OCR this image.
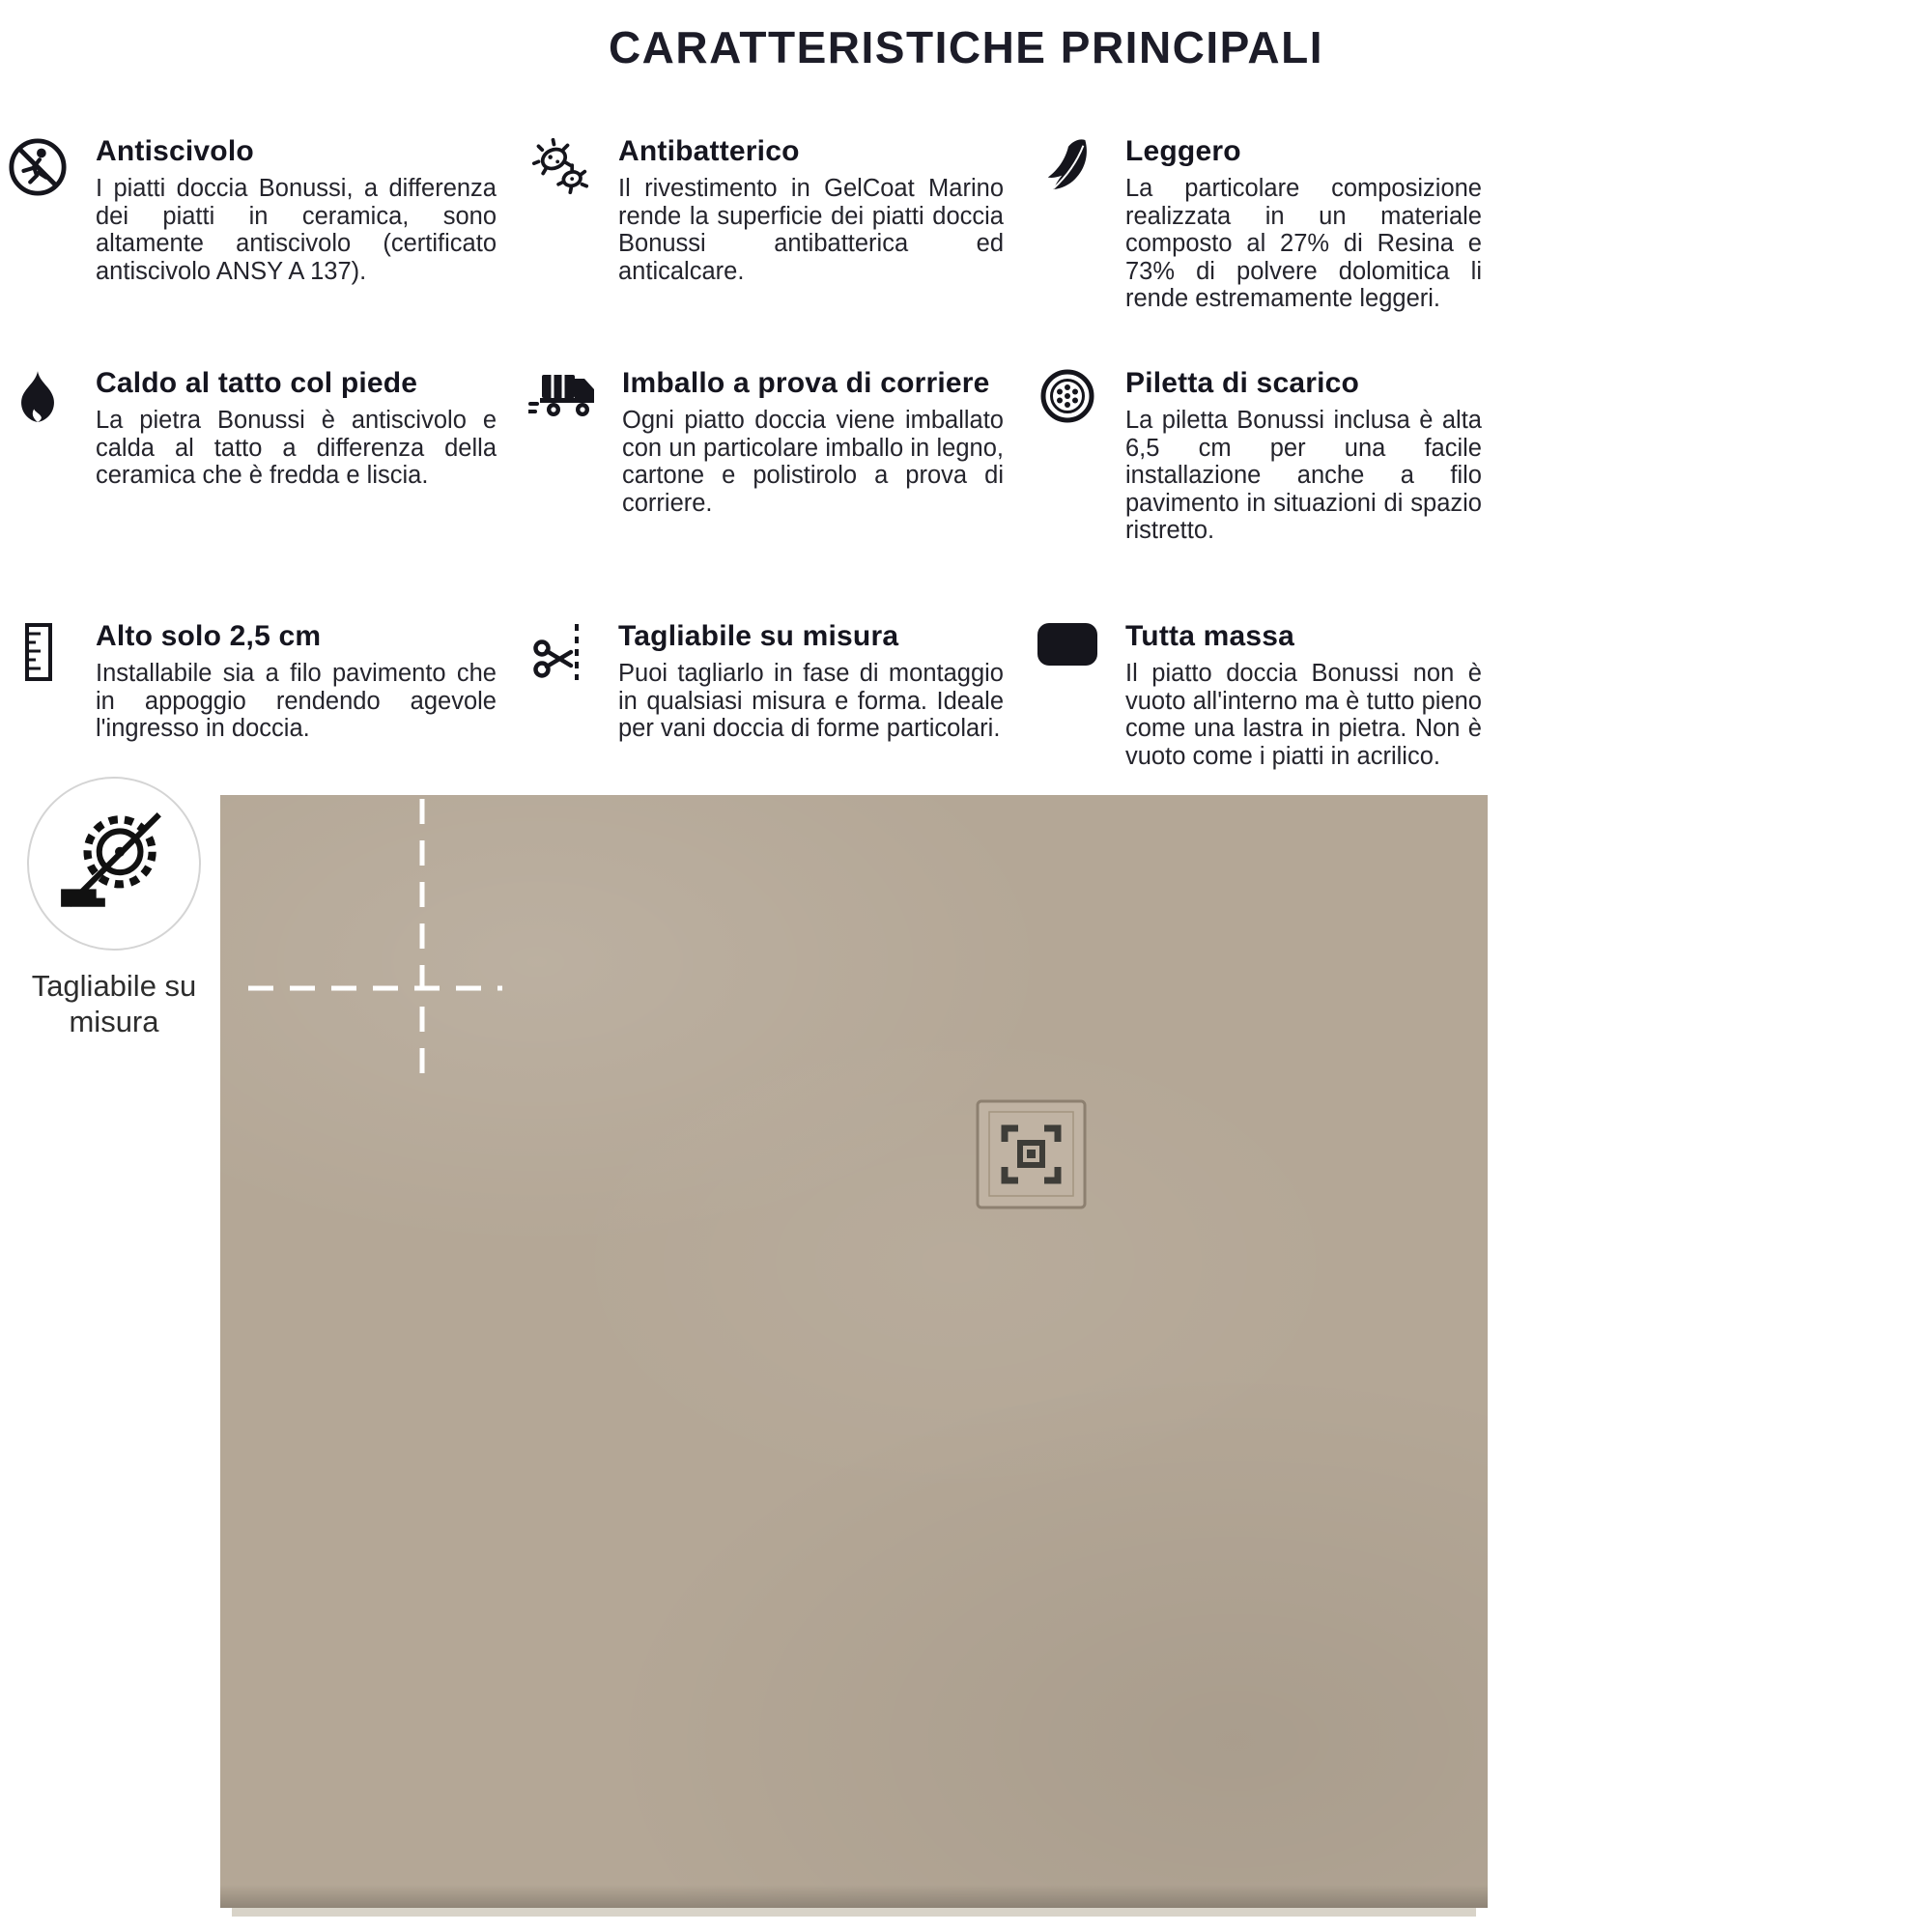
CARATTERISTICHE PRINCIPALI
Antiscivolo
I piatti doccia Bonussi, a differenza dei piatti in ceramica, sono altamente antiscivolo (certificato antiscivolo ANSY A 137).
Antibatterico
Il rivestimento in GelCoat Marino rende la superficie dei piatti doccia Bonussi antibatterica ed anticalcare.
Leggero
La particolare composizione realizzata in un materiale composto al 27% di Resina e 73% di polvere dolomitica li rende estremamente leggeri.
Caldo al tatto col piede
La pietra Bonussi è antiscivolo e calda al tatto a differenza della ceramica che è fredda e liscia.
Imballo a prova di corriere
Ogni piatto doccia viene imballato con un particolare imballo in legno, cartone e polistirolo a prova di corriere.
Piletta di scarico
La piletta Bonussi inclusa è alta 6,5 cm per una facile installazione anche a filo pavimento in situazioni di spazio ristretto.
Alto solo 2,5 cm
Installabile sia a filo pavimento che in appoggio rendendo agevole l'ingresso in doccia.
Tagliabile su misura
Puoi tagliarlo in fase di montaggio in qualsiasi misura e forma. Ideale per vani doccia di forme particolari.
Tutta massa
Il piatto doccia Bonussi non è vuoto all'interno ma è tutto pieno come una lastra in pietra. Non è vuoto come i piatti in acrilico.
Tagliabile su misura
